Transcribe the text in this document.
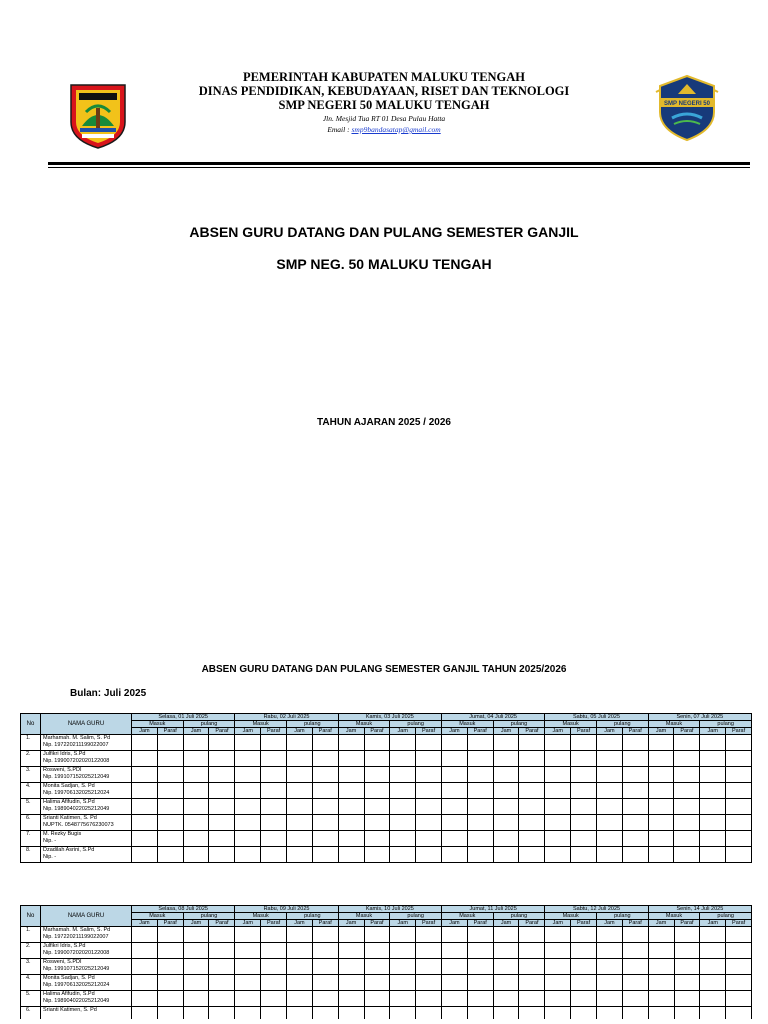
SMP NEGERI 50
PEMERINTAH KABUPATEN MALUKU TENGAH
DINAS PENDIDIKAN, KEBUDAYAAN, RISET DAN TEKNOLOGI
SMP NEGERI 50 MALUKU TENGAH
Jln. Mesjid Tua RT 01 Desa Pulau Hatta
Email : smp9bandasatap@gmail.com
ABSEN GURU DATANG DAN PULANG SEMESTER GANJIL
SMP NEG. 50 MALUKU TENGAH
TAHUN AJARAN 2025 / 2026
ABSEN GURU DATANG DAN PULANG SEMESTER GANJIL TAHUN 2025/2026
Bulan: Juli 2025
No	NAMA GURU	Selasa, 01 Juli 2025				Rabu, 02 Juli 2025				Kamis, 03 Juli 2025				Jumat, 04 Juli 2025				Sabtu, 05 Juli 2025				Senin, 07 Juli 2025			
		Masuk		pulang		Masuk		pulang		Masuk		pulang		Masuk		pulang		Masuk		pulang		Masuk		pulang	
		Jam	Paraf	Jam	Paraf	Jam	Paraf	Jam	Paraf	Jam	Paraf	Jam	Paraf	Jam	Paraf	Jam	Paraf	Jam	Paraf	Jam	Paraf	Jam	Paraf	Jam	Paraf
1.	Marhamah. M. Salim, S. Pd
Nip. 197220211199022007																								

2.	Julfikri Idris, S.Pd
Nip. 199007202020122008																								

3.	Rosweni, S.PDI
Nip. 199107152025212049																								

4.	Monita Sadjan, S. Pd
Nip. 199706132025212024																								

5.	Halima Afifudin, S.Pd
Nip. 198904022025212049																								

6.	Srianti Katimen, S. Pd
NUPTK. 0548775676230073																								

7.	M. Rezky Bugis
Nip. -																								

8.	Dzadilah Asrini, S.Pd
Nip. -																								

No	NAMA GURU	Selasa, 08 Juli 2025				Rabu, 09 Juli 2025				Kamis, 10 Juli 2025				Jumat, 11 Juli 2025				Sabtu, 12 Juli 2025				Senin, 14 Juli 2025			
		Masuk		pulang		Masuk		pulang		Masuk		pulang		Masuk		pulang		Masuk		pulang		Masuk		pulang	
		Jam	Paraf	Jam	Paraf	Jam	Paraf	Jam	Paraf	Jam	Paraf	Jam	Paraf	Jam	Paraf	Jam	Paraf	Jam	Paraf	Jam	Paraf	Jam	Paraf	Jam	Paraf
1.	Marhamah. M. Salim, S. Pd
Nip. 197220211199022007																								

2.	Julfikri Idris, S.Pd
Nip. 199007202020122008																								

3.	Rosweni, S.PDI
Nip. 199107152025212049																								

4.	Monita Sadjan, S. Pd
Nip. 199706132025212024																								

5.	Halima Afifudin, S.Pd
Nip. 198904022025212049																								

6.	Srianti Katimen, S. Pd																								
